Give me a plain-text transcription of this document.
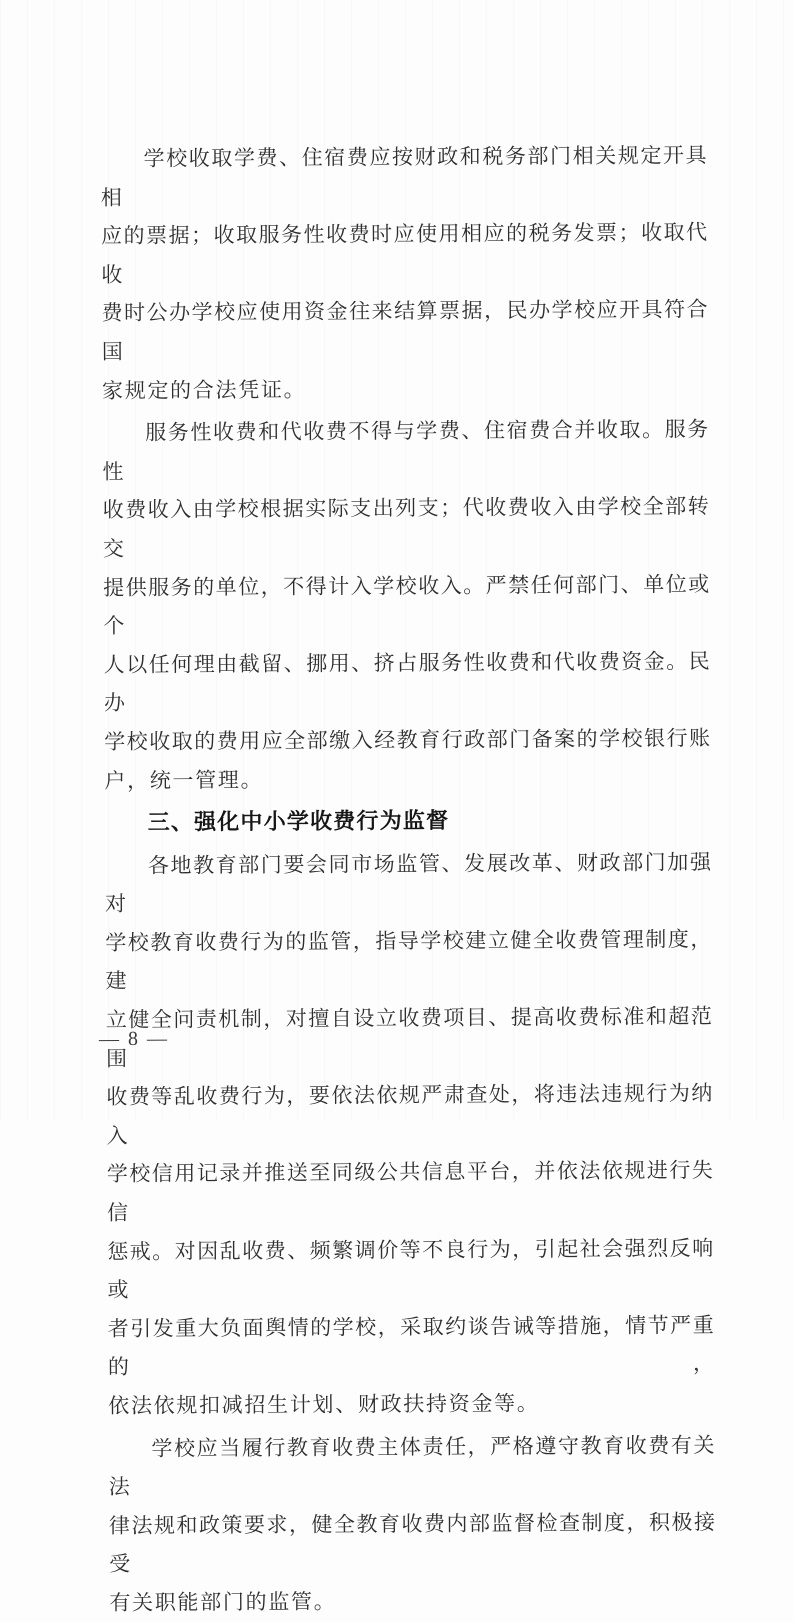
学校收取学费、住宿费应按财政和税务部门相关规定开具相
应的票据；收取服务性收费时应使用相应的税务发票；收取代收
费时公办学校应使用资金往来结算票据，民办学校应开具符合国
家规定的合法凭证。
服务性收费和代收费不得与学费、住宿费合并收取。服务性
收费收入由学校根据实际支出列支；代收费收入由学校全部转交
提供服务的单位，不得计入学校收入。严禁任何部门、单位或个
人以任何理由截留、挪用、挤占服务性收费和代收费资金。民办
学校收取的费用应全部缴入经教育行政部门备案的学校银行账
户，统一管理。
三、强化中小学收费行为监督
各地教育部门要会同市场监管、发展改革、财政部门加强对
学校教育收费行为的监管，指导学校建立健全收费管理制度，建
立健全问责机制，对擅自设立收费项目、提高收费标准和超范围
收费等乱收费行为，要依法依规严肃查处，将违法违规行为纳入
学校信用记录并推送至同级公共信息平台，并依法依规进行失信
惩戒。对因乱收费、频繁调价等不良行为，引起社会强烈反响或
者引发重大负面舆情的学校，采取约谈告诫等措施，情节严重的，
依法依规扣减招生计划、财政扶持资金等。
学校应当履行教育收费主体责任，严格遵守教育收费有关法
律法规和政策要求，健全教育收费内部监督检查制度，积极接受
有关职能部门的监管。
— 8 —
